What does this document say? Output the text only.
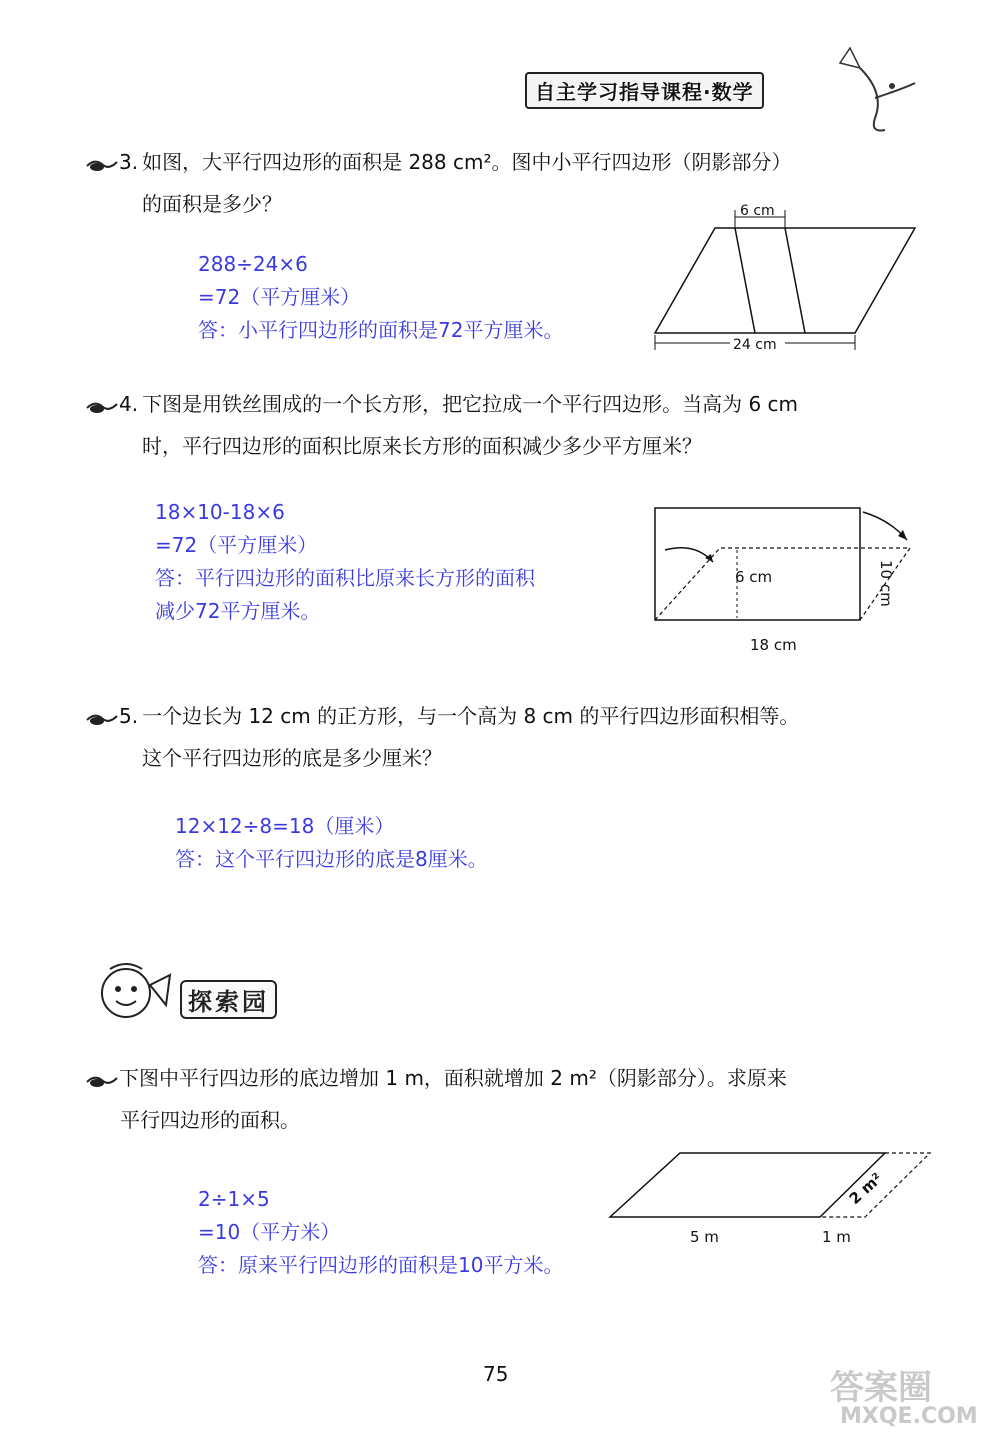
自主学习指导课程·数学
3. 如图，大平行四边形的面积是 288 cm²。图中小平行四边形（阴影部分）
的面积是多少？
288÷24×6
=72（平方厘米）
答：小平行四边形的面积是72平方厘米。
6 cm
24 cm
4. 下图是用铁丝围成的一个长方形，把它拉成一个平行四边形。当高为 6 cm
时，平行四边形的面积比原来长方形的面积减少多少平方厘米？
18×10-18×6
=72（平方厘米）
答：平行四边形的面积比原来长方形的面积
减少72平方厘米。
6 cm	10 cm
18 cm
5. 一个边长为 12 cm 的正方形，与一个高为 8 cm 的平行四边形面积相等。
这个平行四边形的底是多少厘米？
12×12÷8=18（厘米）
答：这个平行四边形的底是8厘米。
探索园
下图中平行四边形的底边增加 1 m，面积就增加 2 m²（阴影部分）。求原来
平行四边形的面积。
2÷1×5
=10（平方米）
答：原来平行四边形的面积是10平方米。
2 m²
5 m	1 m
75	答案圈
MXQE.COM
